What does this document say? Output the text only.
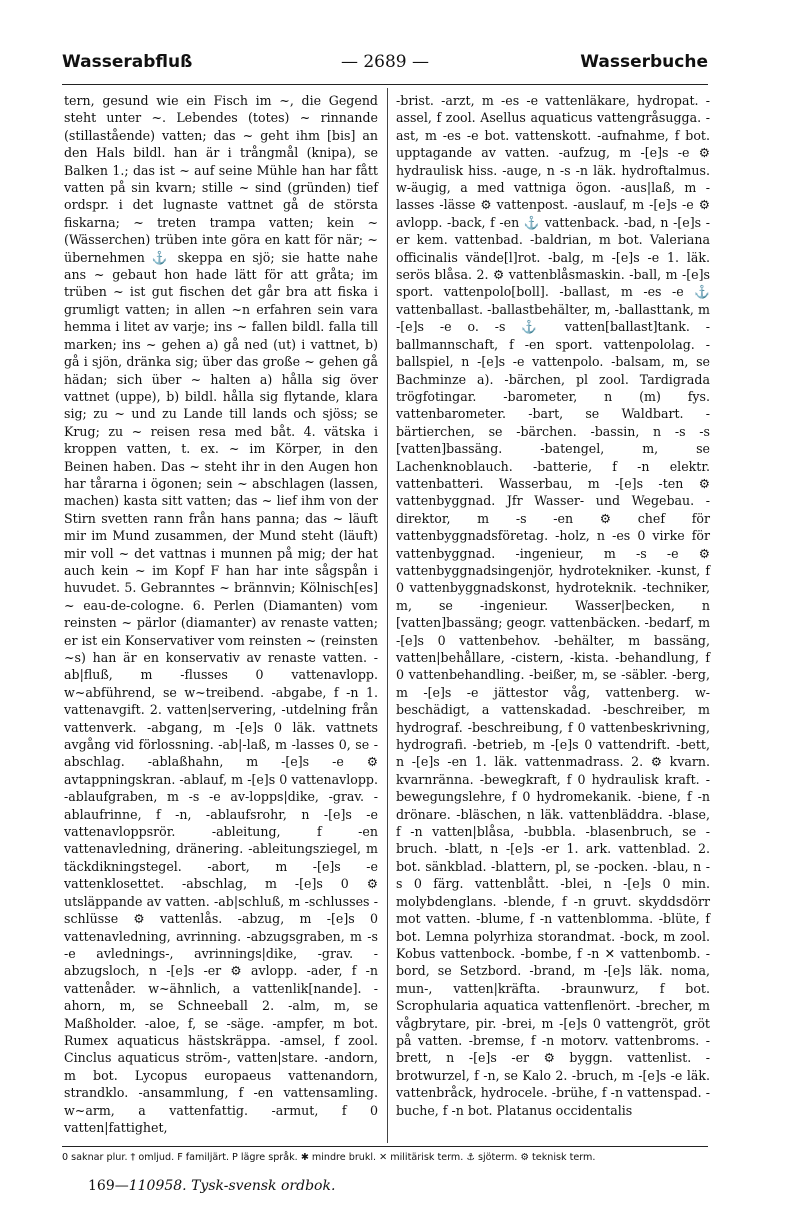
Wasserabfluß	— 2689 —	Wasserbuche

tern, gesund wie ein Fisch im ~, die Gegend steht unter ~. Lebendes (totes) ~ rinnande (stillastående) vatten; das ~ geht ihm [bis] an den Hals bildl. han är i trångmål (knipa), se Balken 1.; das ist ~ auf seine Mühle han har fått vatten på sin kvarn; stille ~ sind (gründen) tief ordspr. i det lugnaste vattnet gå de största fiskarna; ~ treten trampa vatten; kein ~ (Wässerchen) trüben inte göra en katt för när; ~ übernehmen ⚓ skeppa en sjö; sie hatte nahe ans ~ gebaut hon hade lätt för att gråta; im trüben ~ ist gut fischen det går bra att fiska i grumligt vatten; in allen ~n erfahren sein vara hemma i litet av varje; ins ~ fallen bildl. falla till marken; ins ~ gehen a) gå ned (ut) i vattnet, b) gå i sjön, dränka sig; über das große ~ gehen gå hädan; sich über ~ halten a) hålla sig över vattnet (uppe), b) bildl. hålla sig flytande, klara sig; zu ~ und zu Lande till lands och sjöss; se Krug; zu ~ reisen resa med båt. 4. vätska i kroppen vatten, t. ex. ~ im Körper, in den Beinen haben. Das ~ steht ihr in den Augen hon har tårarna i ögonen; sein ~ abschlagen (lassen, machen) kasta sitt vatten; das ~ lief ihm von der Stirn svetten rann från hans panna; das ~ läuft mir im Mund zusammen, der Mund steht (läuft) mir voll ~ det vattnas i munnen på mig; der hat auch kein ~ im Kopf F han har inte sågspån i huvudet. 5. Gebranntes ~ brännvin; Kölnisch[es] ~ eau-de-cologne. 6. Perlen (Diamanten) vom reinsten ~ pärlor (diamanter) av renaste vatten; er ist ein Konservativer vom reinsten ~ (reinsten ~s) han är en konservativ av renaste vatten. -ab|fluß, m -flusses 0 vattenavlopp. w~abführend, se w~treibend. -abgabe, f -n 1. vattenavgift. 2. vatten|servering, -utdelning från vattenverk. -abgang, m -[e]s 0 läk. vattnets avgång vid förlossning. -ab|-laß, m -lasses 0, se -abschlag. -ablaßhahn, m -[e]s -e ⚙ avtappningskran. -ablauf, m -[e]s 0 vattenavlopp. -ablaufgraben, m -s -e av-lopps|dike, -grav. -ablaufrinne, f -n, -ablaufsrohr, n -[e]s -e vattenavloppsrör. -ableitung, f -en vattenavledning, dränering. -ableitungsziegel, m täckdikningstegel. -abort, m -[e]s -e vattenklosettet. -abschlag, m -[e]s 0 ⚙ utsläppande av vatten. -ab|schluß, m -schlusses -schlüsse ⚙ vattenlås. -abzug, m -[e]s 0 vattenavledning, avrinning. -abzugsgraben, m -s -e avlednings-, avrinnings|dike, -grav. -abzugsloch, n -[e]s -er ⚙ avlopp. -ader, f -n vattenåder. w~ähnlich, a vattenlik[nande]. -ahorn, m, se Schneeball 2. -alm, m, se Maßholder. -aloe, f, se -säge. -ampfer, m bot. Rumex aquaticus hästskräppa. -amsel, f zool. Cinclus aquaticus ström-, vatten|stare. -andorn, m bot. Lycopus europaeus vattenandorn, strandklo. -ansammlung, f -en vattensamling. w~arm, a vattenfattig. -armut, f 0 vatten|fattighet,

-brist. -arzt, m -es -e vattenläkare, hydropat. -assel, f zool. Asellus aquaticus vattengråsugga. -ast, m -es -e bot. vattenskott. -aufnahme, f bot. upptagande av vatten. -aufzug, m -[e]s -e ⚙ hydraulisk hiss. -auge, n -s -n läk. hydroftalmus. w-äugig, a med vattniga ögon. -aus|laß, m -lasses -lässe ⚙ vattenpost. -auslauf, m -[e]s -e ⚙ avlopp. -back, f -en ⚓ vattenback. -bad, n -[e]s -er kem. vattenbad. -baldrian, m bot. Valeriana officinalis vände[l]rot. -balg, m -[e]s -e 1. läk. serös blåsa. 2. ⚙ vattenblåsmaskin. -ball, m -[e]s sport. vattenpolo[boll]. -ballast, m -es -e ⚓ vattenballast. -ballastbehälter, m, -ballasttank, m -[e]s -e o. -s ⚓ vatten[ballast]tank. -ballmannschaft, f -en sport. vattenpololag. -ballspiel, n -[e]s -e vattenpolo. -balsam, m, se Bachminze a). -bärchen, pl zool. Tardigrada trögfotingar. -barometer, n (m) fys. vattenbarometer. -bart, se Waldbart. -bärtierchen, se -bärchen. -bassin, n -s -s [vatten]bassäng. -batengel, m, se Lachenknoblauch. -batterie, f -n elektr. vattenbatteri. Wasserbau, m -[e]s -ten ⚙ vattenbyggnad. Jfr Wasser- und Wegebau. -direktor, m -s -en ⚙ chef för vattenbyggnadsföretag. -holz, n -es 0 virke för vattenbyggnad. -ingenieur, m -s -e ⚙ vattenbyggnadsingenjör, hydrotekniker. -kunst, f 0 vattenbyggnadskonst, hydroteknik. -techniker, m, se -ingenieur. Wasser|becken, n [vatten]bassäng; geogr. vattenbäcken. -bedarf, m -[e]s 0 vattenbehov. -behälter, m bassäng, vatten|behållare, -cistern, -kista. -behandlung, f 0 vattenbehandling. -beißer, m, se -säbler. -berg, m -[e]s -e jättestor våg, vattenberg. w-beschädigt, a vattenskadad. -beschreiber, m hydrograf. -beschreibung, f 0 vattenbeskrivning, hydrografi. -betrieb, m -[e]s 0 vattendrift. -bett, n -[e]s -en 1. läk. vattenmadrass. 2. ⚙ kvarn. kvarnränna. -bewegkraft, f 0 hydraulisk kraft. -bewegungslehre, f 0 hydromekanik. -biene, f -n drönare. -bläschen, n läk. vattenbläddra. -blase, f -n vatten|blåsa, -bubbla. -blasenbruch, se -bruch. -blatt, n -[e]s -er 1. ark. vattenblad. 2. bot. sänkblad. -blattern, pl, se -pocken. -blau, n -s 0 färg. vattenblått. -blei, n -[e]s 0 min. molybdenglans. -blende, f -n gruvt. skyddsdörr mot vatten. -blume, f -n vattenblomma. -blüte, f bot. Lemna polyrhiza storandmat. -bock, m zool. Kobus vattenbock. -bombe, f -n ✕ vattenbomb. -bord, se Setzbord. -brand, m -[e]s läk. noma, mun-, vatten|kräfta. -braunwurz, f bot. Scrophularia aquatica vattenflenört. -brecher, m vågbrytare, pir. -brei, m -[e]s 0 vattengröt, gröt på vatten. -bremse, f -n motorv. vattenbroms. -brett, n -[e]s -er ⚙ byggn. vattenlist. -brotwurzel, f -n, se Kalo 2. -bruch, m -[e]s -e läk. vattenbråck, hydrocele. -brühe, f -n vattenspad. -buche, f -n bot. Platanus occidentalis

0 saknar plur. † omljud. F familjärt. P lägre språk. ✱ mindre brukl. ✕ militärisk term. ⚓ sjöterm. ⚙ teknisk term.
169—110958. Tysk-svensk ordbok.
